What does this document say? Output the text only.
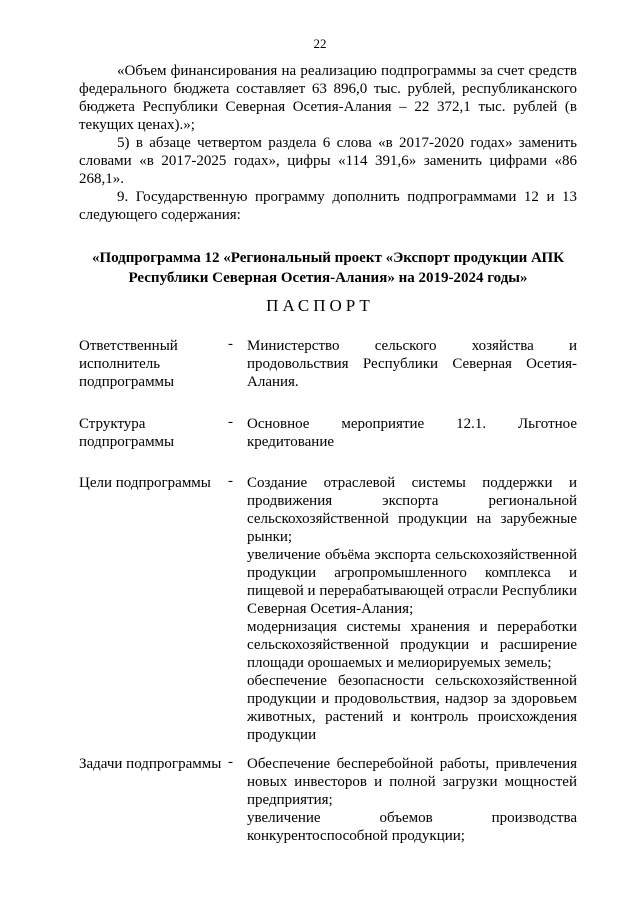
22
«Объем финансирования на реализацию подпрограммы за счет средств федерального бюджета составляет 63 896,0 тыс. рублей, республиканского бюджета Республики Северная Осетия-Алания – 22 372,1 тыс. рублей (в текущих ценах).»;
5) в абзаце четвертом раздела 6 слова «в 2017-2020 годах» заменить словами «в 2017-2025 годах», цифры «114 391,6» заменить цифрами «86 268,1».
9. Государственную программу дополнить подпрограммами 12 и 13 следующего содержания:
«Подпрограмма 12 «Региональный проект «Экспорт продукции АПК
Республики Северная Осетия-Алания» на 2019-2024 годы»
ПАСПОРТ
Ответственный исполнитель подпрограммы
- Министерство сельского хозяйства и продовольствия Республики Северная Осетия-Алания.
Структура подпрограммы
- Основное мероприятие 12.1. Льготное кредитование
Цели подпрограммы	- Создание отраслевой системы поддержки и продвижения экспорта региональной сельскохозяйственной продукции на зарубежные рынки;
увеличение объёма экспорта сельскохозяйственной продукции агропромышленного комплекса и пищевой и перерабатывающей отрасли Республики Северная Осетия-Алания;
модернизация системы хранения и переработки сельскохозяйственной продукции и расширение площади орошаемых и мелиорируемых земель;
обеспечение безопасности сельскохозяйственной продукции и продовольствия, надзор за здоровьем животных, растений и контроль происхождения продукции
Задачи подпрограммы - Обеспечение бесперебойной работы, привлечения новых инвесторов и полной загрузки мощностей предприятия;
увеличение объемов производства конкурентоспособной продукции;
